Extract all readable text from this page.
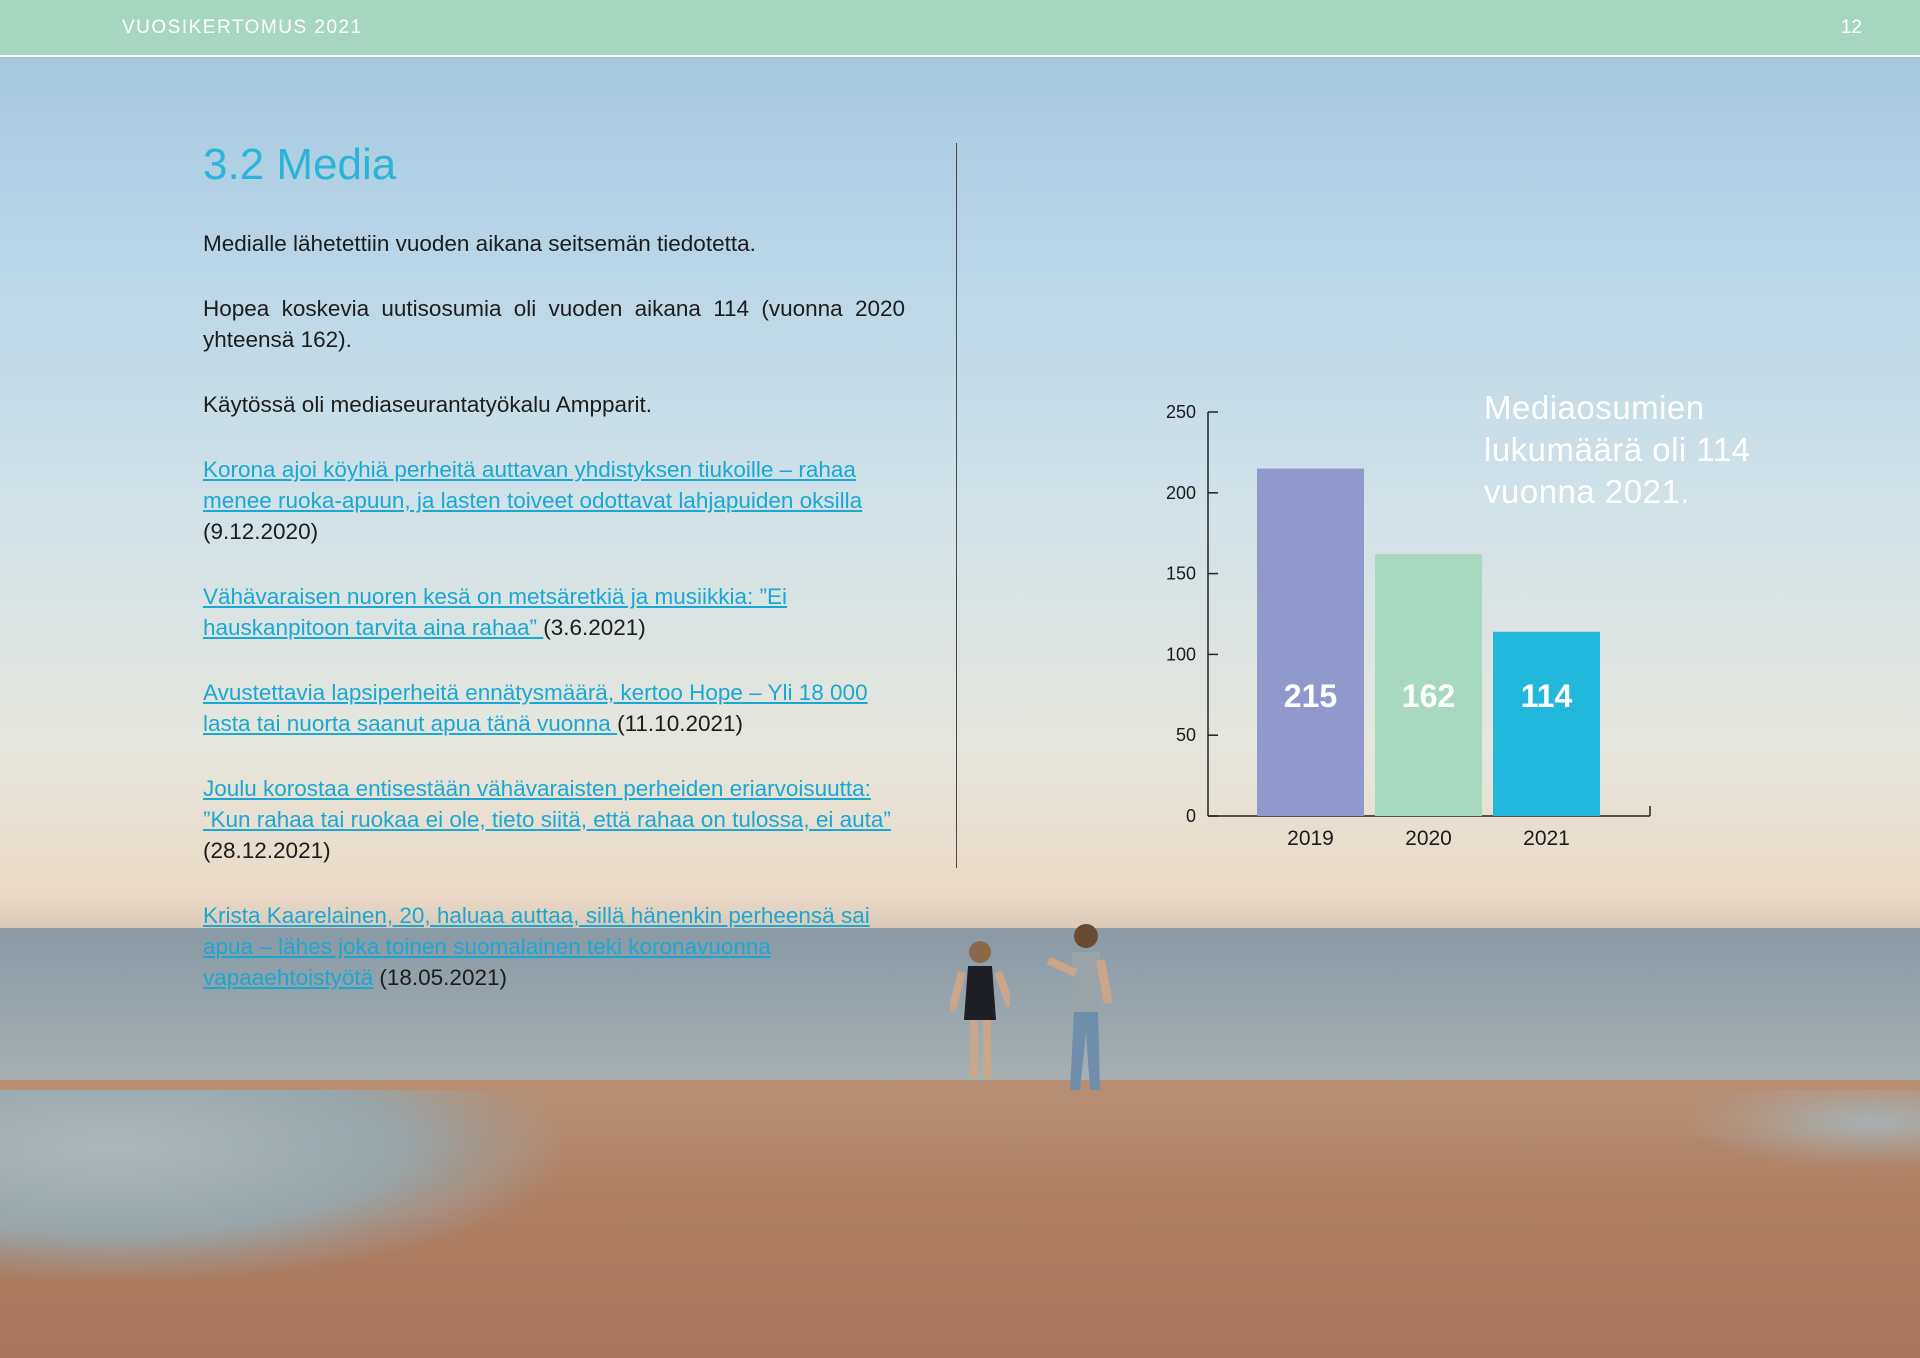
VUOSIKERTOMUS 2021	12
3.2 Media

Medialle lähetettiin vuoden aikana seitsemän tiedotetta.

Hopea koskevia uutisosumia oli vuoden aikana 114 (vuonna 2020 yhteensä 162).

Käytössä oli mediaseurantatyökalu Ampparit.

Korona ajoi köyhiä perheitä auttavan yhdistyksen tiukoille – rahaa menee ruoka-apuun, ja lasten toiveet odottavat lahjapuiden oksilla (9.12.2020)

Vähävaraisen nuoren kesä on metsäretkiä ja musiikkia: ”Ei hauskanpitoon tarvita aina rahaa” (3.6.2021)

Avustettavia lapsiperheitä ennätysmäärä, kertoo Hope – Yli 18 000 lasta tai nuorta saanut apua tänä vuonna (11.10.2021)

Joulu korostaa entisestään vähävaraisten perheiden eriarvoisuutta: ”Kun rahaa tai ruokaa ei ole, tieto siitä, että rahaa on tulossa, ei auta” (28.12.2021)

Krista Kaarelainen, 20, haluaa auttaa, sillä hänenkin perheensä sai apua – lähes joka toinen suomalainen teki koronavuonna vapaaehtoistyötä (18.05.2021)

Mediaosumien lukumäärä oli 114 vuonna 2021.
0
50
100
150
200
250
215
2019
162
2020
114
2021
